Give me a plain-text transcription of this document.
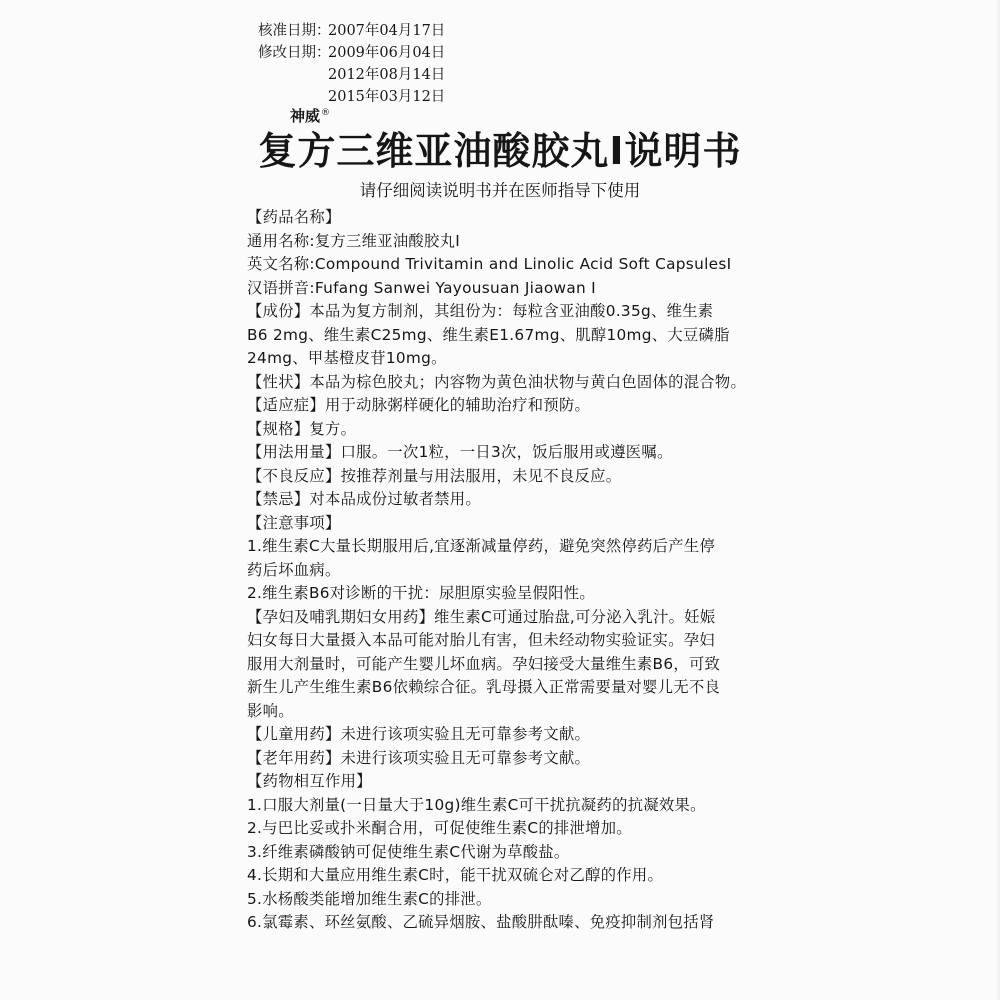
核准日期：2007年04月17日
修改日期：2009年06月04日
2012年08月14日
2015年03月12日
神威®
复方三维亚油酸胶丸I说明书
请仔细阅读说明书并在医师指导下使用
【药品名称】
通用名称:复方三维亚油酸胶丸Ⅰ
英文名称:Compound Trivitamin and Linolic Acid Soft CapsulesⅠ
汉语拼音:Fufang Sanwei Yayousuan Jiaowan Ⅰ
【成份】本品为复方制剂，其组份为：每粒含亚油酸0.35g、维生素
B6 2mg、维生素C25mg、维生素E1.67mg、肌醇10mg、大豆磷脂
24mg、甲基橙皮苷10mg。
【性状】本品为棕色胶丸；内容物为黄色油状物与黄白色固体的混合物。
【适应症】用于动脉粥样硬化的辅助治疗和预防。
【规格】复方。
【用法用量】口服。一次1粒，一日3次，饭后服用或遵医嘱。
【不良反应】按推荐剂量与用法服用，未见不良反应。
【禁忌】对本品成份过敏者禁用。
【注意事项】
1.维生素C大量长期服用后,宜逐渐减量停药，避免突然停药后产生停
药后坏血病。
2.维生素B6对诊断的干扰：尿胆原实验呈假阳性。
【孕妇及哺乳期妇女用药】维生素C可通过胎盘,可分泌入乳汁。妊娠
妇女每日大量摄入本品可能对胎儿有害，但未经动物实验证实。孕妇
服用大剂量时，可能产生婴儿坏血病。孕妇接受大量维生素B6，可致
新生儿产生维生素B6依赖综合征。乳母摄入正常需要量对婴儿无不良
影响。
【儿童用药】未进行该项实验且无可靠参考文献。
【老年用药】未进行该项实验且无可靠参考文献。
【药物相互作用】
1.口服大剂量(一日量大于10g)维生素C可干扰抗凝药的抗凝效果。
2.与巴比妥或扑米酮合用，可促使维生素C的排泄增加。
3.纤维素磷酸钠可促使维生素C代谢为草酸盐。
4.长期和大量应用维生素C时，能干扰双硫仑对乙醇的作用。
5.水杨酸类能增加维生素C的排泄。
6.氯霉素、环丝氨酸、乙硫异烟胺、盐酸肼酞嗪、免疫抑制剂包括肾
